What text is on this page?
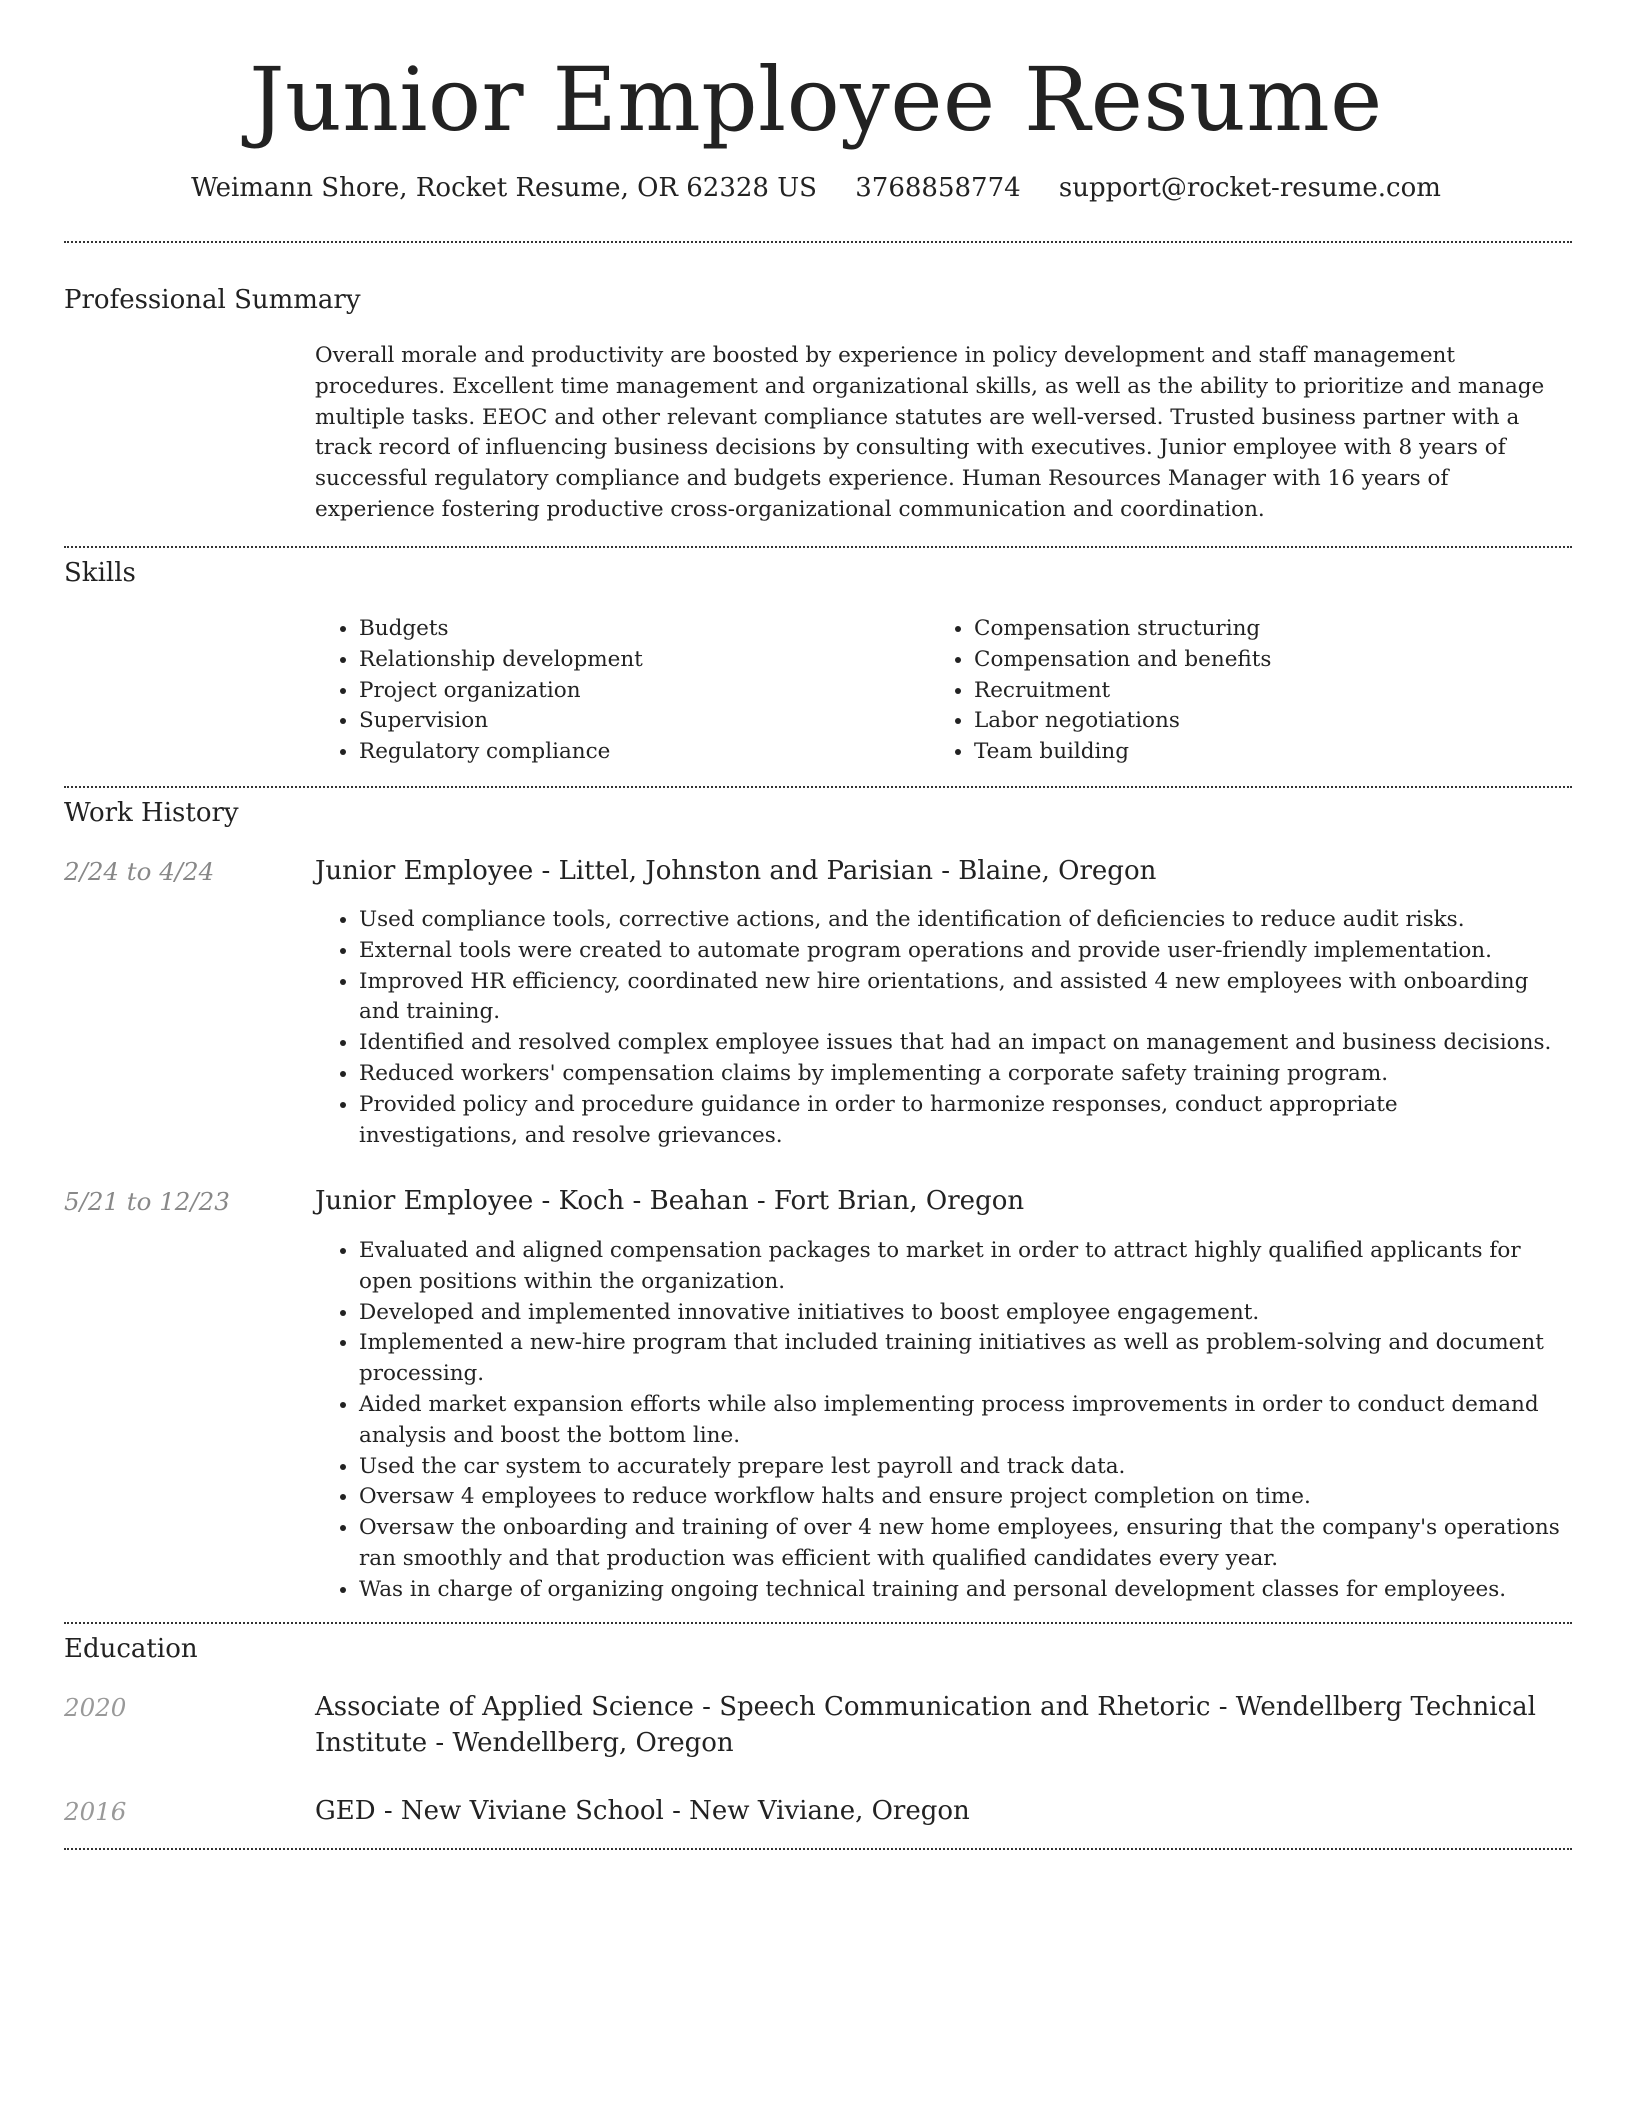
Junior Employee Resume
Weimann Shore, Rocket Resume, OR 62328 US 3768858774 support@rocket-resume.com
Professional Summary

Overall morale and productivity are boosted by experience in policy development and staff management procedures. Excellent time management and organizational skills, as well as the ability to prioritize and manage multiple tasks. EEOC and other relevant compliance statutes are well-versed. Trusted business partner with a track record of influencing business decisions by consulting with executives. Junior employee with 8 years of successful regulatory compliance and budgets experience. Human Resources Manager with 16 years of experience fostering productive cross-organizational communication and coordination.

Skills
• Budgets
• Relationship development
• Project organization
• Supervision
• Regulatory compliance
• Compensation structuring
• Compensation and benefits
• Recruitment
• Labor negotiations
• Team building
Work History
2/24 to 4/24	Junior Employee - Littel, Johnston and Parisian - Blaine, Oregon
• Used compliance tools, corrective actions, and the identification of deficiencies to reduce audit risks.
• External tools were created to automate program operations and provide user-friendly implementation.
• Improved HR efficiency, coordinated new hire orientations, and assisted 4 new employees with onboarding and training.
• Identified and resolved complex employee issues that had an impact on management and business decisions.
• Reduced workers' compensation claims by implementing a corporate safety training program.
• Provided policy and procedure guidance in order to harmonize responses, conduct appropriate investigations, and resolve grievances.
5/21 to 12/23	Junior Employee - Koch - Beahan - Fort Brian, Oregon
• Evaluated and aligned compensation packages to market in order to attract highly qualified applicants for open positions within the organization.
• Developed and implemented innovative initiatives to boost employee engagement.
• Implemented a new-hire program that included training initiatives as well as problem-solving and document processing.
• Aided market expansion efforts while also implementing process improvements in order to conduct demand analysis and boost the bottom line.
• Used the car system to accurately prepare lest payroll and track data.
• Oversaw 4 employees to reduce workflow halts and ensure project completion on time.
• Oversaw the onboarding and training of over 4 new home employees, ensuring that the company's operations ran smoothly and that production was efficient with qualified candidates every year.
• Was in charge of organizing ongoing technical training and personal development classes for employees.
Education
2020	Associate of Applied Science - Speech Communication and Rhetoric - Wendellberg Technical Institute - Wendellberg, Oregon
2016	GED - New Viviane School - New Viviane, Oregon
